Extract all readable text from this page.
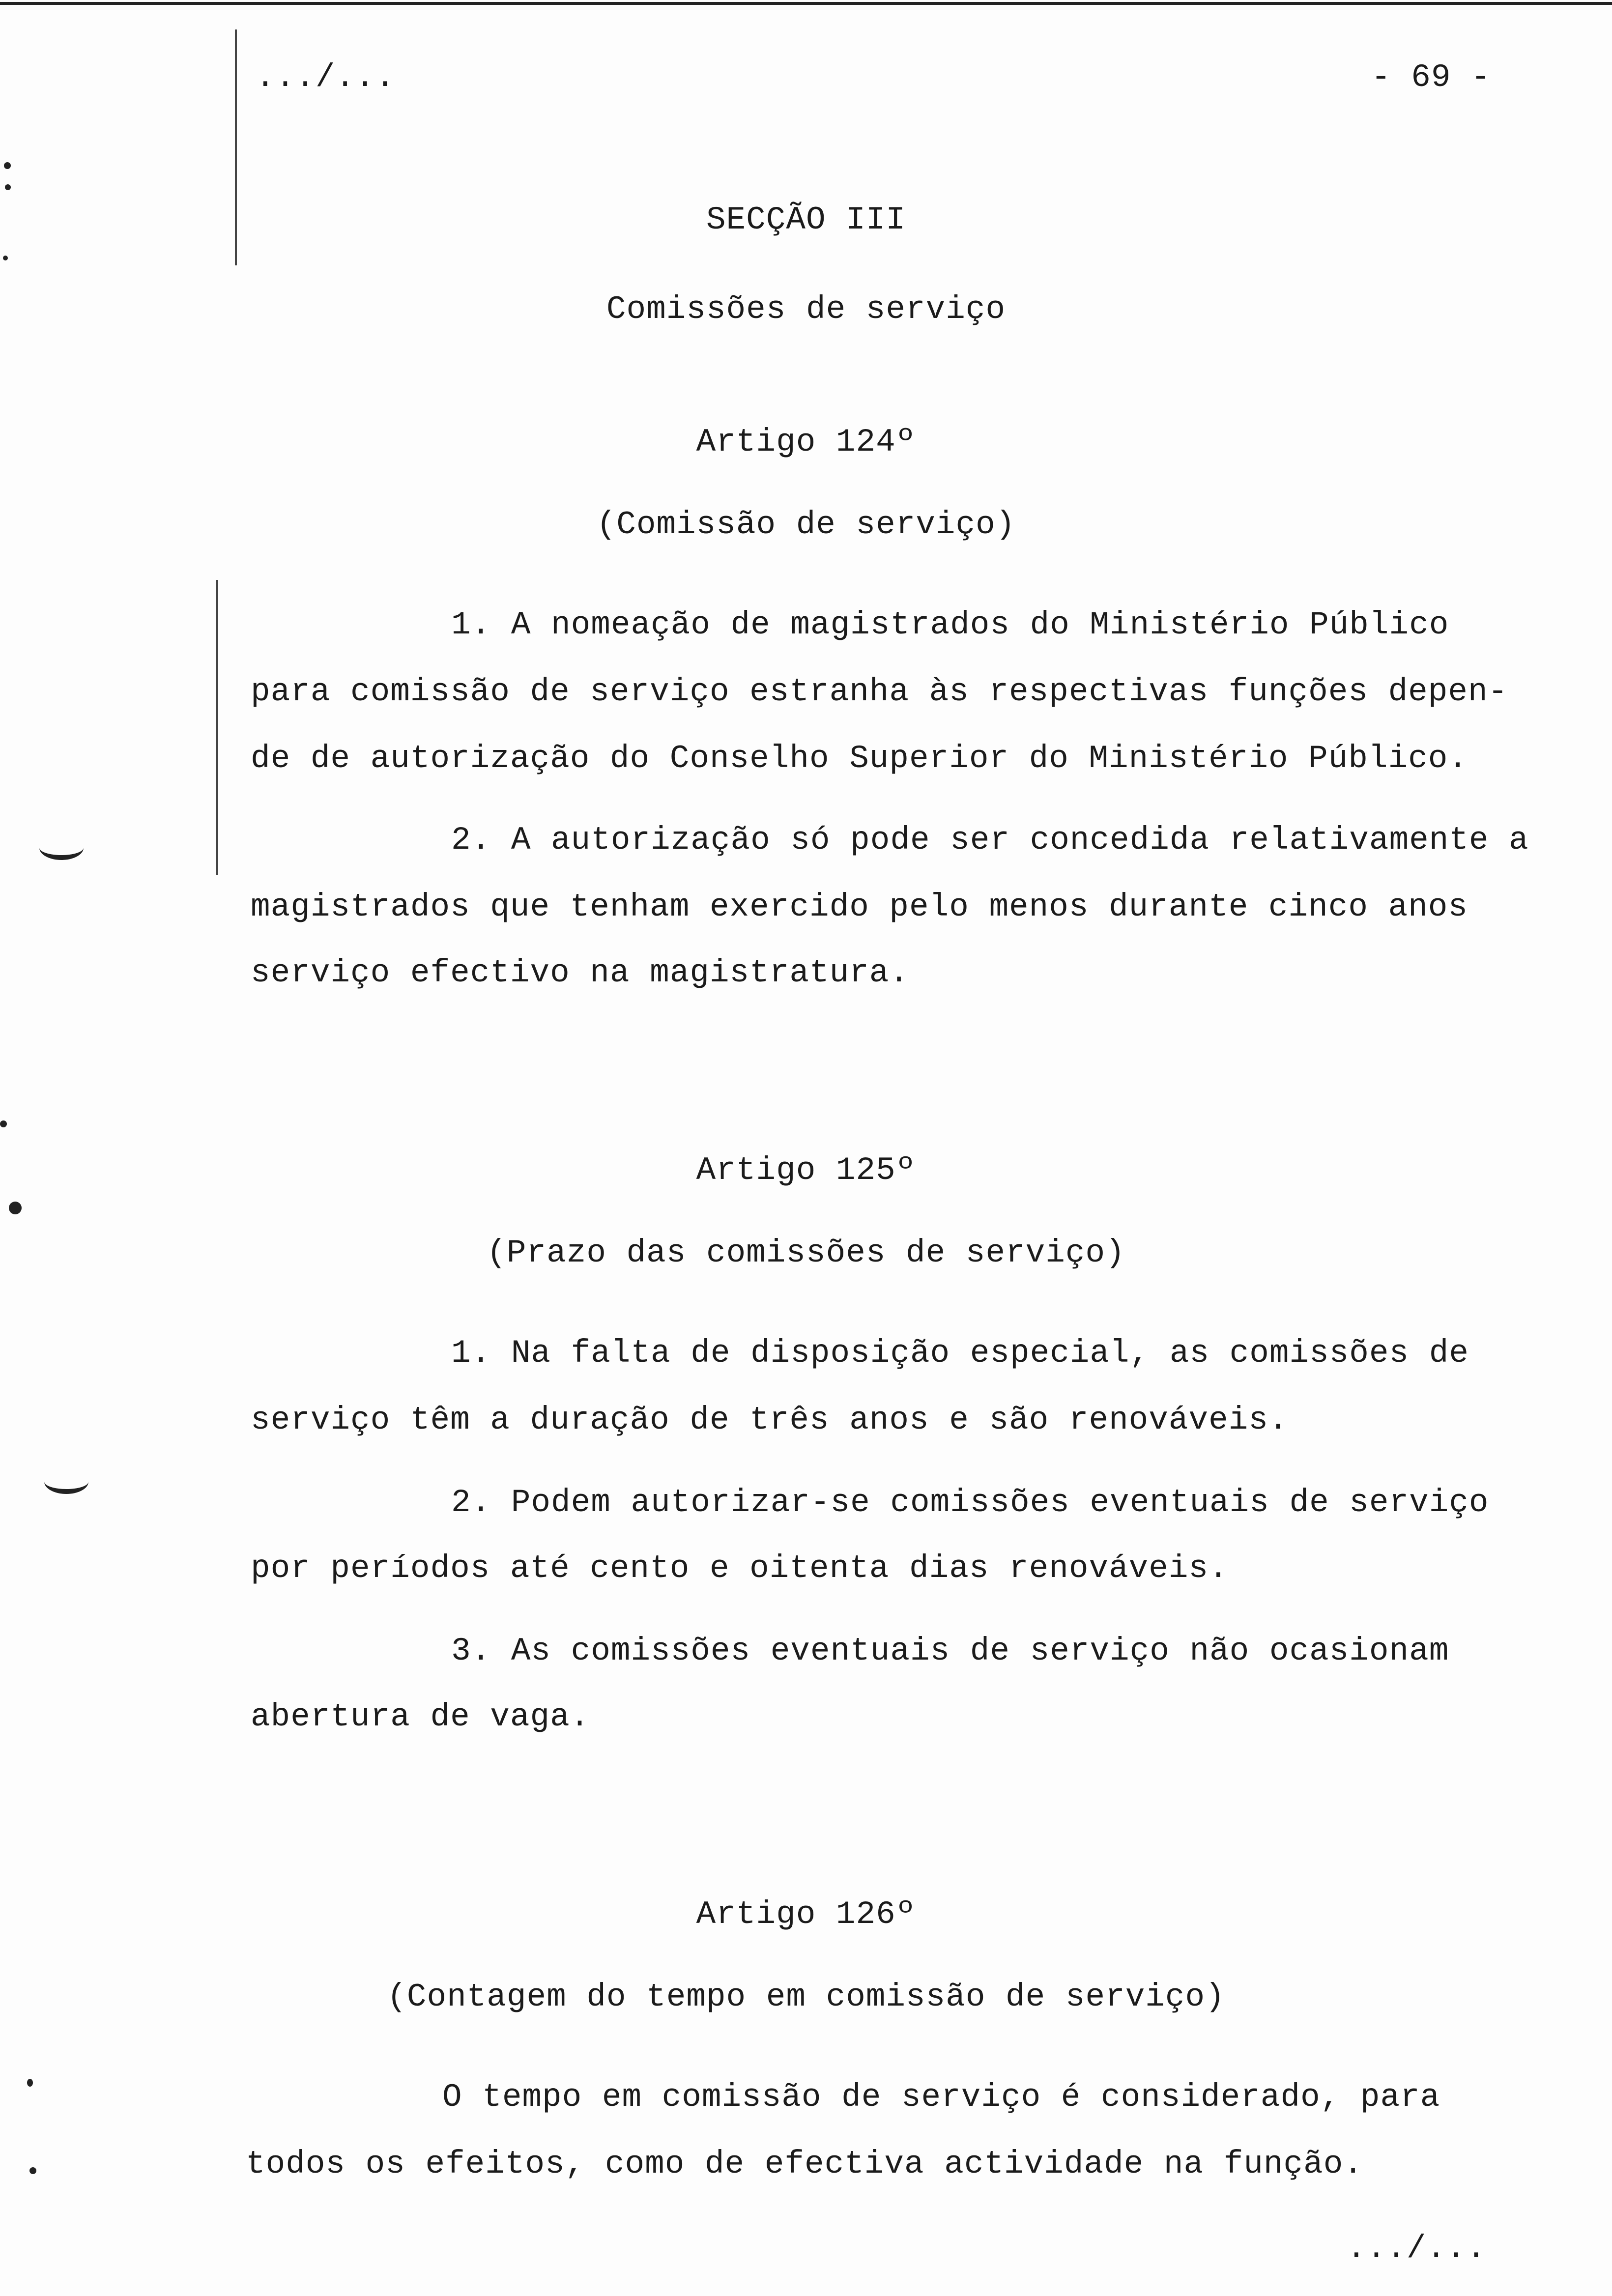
.../...	- 69 -
SECÇÃO III
Comissões de serviço
Artigo 124º
(Comissão de serviço)
1. A nomeação de magistrados do Ministério Público
para comissão de serviço estranha às respectivas funções depen-
de de autorização do Conselho Superior do Ministério Público.
2. A autorização só pode ser concedida relativamente a
magistrados que tenham exercido pelo menos durante cinco anos
serviço efectivo na magistratura.
Artigo 125º
(Prazo das comissões de serviço)
1. Na falta de disposição especial, as comissões de
serviço têm a duração de três anos e são renováveis.
2. Podem autorizar-se comissões eventuais de serviço
por períodos até cento e oitenta dias renováveis.
3. As comissões eventuais de serviço não ocasionam
abertura de vaga.
Artigo 126º
(Contagem do tempo em comissão de serviço)
O tempo em comissão de serviço é considerado, para
todos os efeitos, como de efectiva actividade na função.
.../...
